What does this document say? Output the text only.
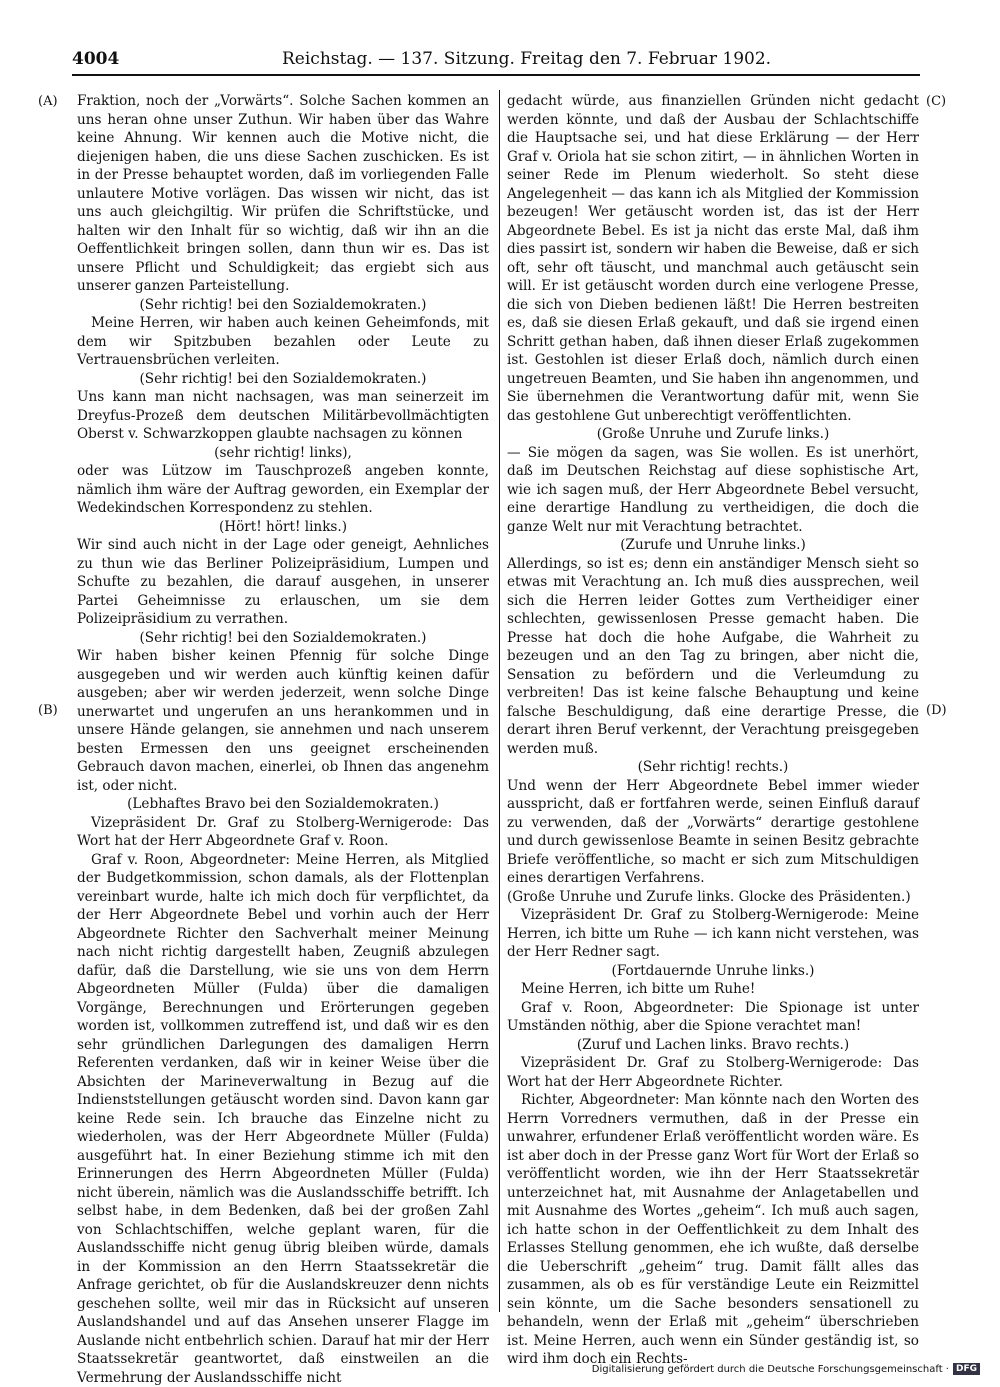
4004	Reichstag. — 137. Sitzung. Freitag den 7. Februar 1902.
(A)
(B)
(C)
(D)

Fraktion, noch der „Vorwärts“. Solche Sachen kommen an uns heran ohne unser Zuthun. Wir haben über das Wahre keine Ahnung. Wir kennen auch die Motive nicht, die diejenigen haben, die uns diese Sachen zuschicken. Es ist in der Presse behauptet worden, daß im vorliegenden Falle unlautere Motive vorlägen. Das wissen wir nicht, das ist uns auch gleichgiltig. Wir prüfen die Schriftstücke, und halten wir den Inhalt für so wichtig, daß wir ihn an die Oeffentlichkeit bringen sollen, dann thun wir es. Das ist unsere Pflicht und Schuldigkeit; das ergiebt sich aus unserer ganzen Parteistellung.

(Sehr richtig! bei den Sozialdemokraten.)

Meine Herren, wir haben auch keinen Geheimfonds, mit dem wir Spitzbuben bezahlen oder Leute zu Vertrauensbrüchen verleiten.

(Sehr richtig! bei den Sozialdemokraten.)

Uns kann man nicht nachsagen, was man seinerzeit im Dreyfus-Prozeß dem deutschen Militärbevollmächtigten Oberst v. Schwarzkoppen glaubte nachsagen zu können

(sehr richtig! links),

oder was Lützow im Tauschprozeß angeben konnte, nämlich ihm wäre der Auftrag geworden, ein Exemplar der Wedekindschen Korrespondenz zu stehlen.

(Hört! hört! links.)

Wir sind auch nicht in der Lage oder geneigt, Aehnliches zu thun wie das Berliner Polizeipräsidium, Lumpen und Schufte zu bezahlen, die darauf ausgehen, in unserer Partei Geheimnisse zu erlauschen, um sie dem Polizeipräsidium zu verrathen.

(Sehr richtig! bei den Sozialdemokraten.)

Wir haben bisher keinen Pfennig für solche Dinge ausgegeben und wir werden auch künftig keinen dafür ausgeben; aber wir werden jederzeit, wenn solche Dinge unerwartet und ungerufen an uns herankommen und in unsere Hände gelangen, sie annehmen und nach unserem besten Ermessen den uns geeignet erscheinenden Gebrauch davon machen, einerlei, ob Ihnen das angenehm ist, oder nicht.

(Lebhaftes Bravo bei den Sozialdemokraten.)

Vizepräsident Dr. Graf zu Stolberg-Wernigerode: Das Wort hat der Herr Abgeordnete Graf v. Roon.

Graf v. Roon, Abgeordneter: Meine Herren, als Mitglied der Budgetkommission, schon damals, als der Flottenplan vereinbart wurde, halte ich mich doch für verpflichtet, da der Herr Abgeordnete Bebel und vorhin auch der Herr Abgeordnete Richter den Sachverhalt meiner Meinung nach nicht richtig dargestellt haben, Zeugniß abzulegen dafür, daß die Darstellung, wie sie uns von dem Herrn Abgeordneten Müller (Fulda) über die damaligen Vorgänge, Berechnungen und Erörterungen gegeben worden ist, vollkommen zutreffend ist, und daß wir es den sehr gründlichen Darlegungen des damaligen Herrn Referenten verdanken, daß wir in keiner Weise über die Absichten der Marineverwaltung in Bezug auf die Indienststellungen getäuscht worden sind. Davon kann gar keine Rede sein. Ich brauche das Einzelne nicht zu wiederholen, was der Herr Abgeordnete Müller (Fulda) ausgeführt hat. In einer Beziehung stimme ich mit den Erinnerungen des Herrn Abgeordneten Müller (Fulda) nicht überein, nämlich was die Auslandsschiffe betrifft. Ich selbst habe, in dem Bedenken, daß bei der großen Zahl von Schlachtschiffen, welche geplant waren, für die Auslandsschiffe nicht genug übrig bleiben würde, damals in der Kommission an den Herrn Staatssekretär die Anfrage gerichtet, ob für die Auslandskreuzer denn nichts geschehen sollte, weil mir das in Rücksicht auf unseren Auslandshandel und auf das Ansehen unserer Flagge im Auslande nicht entbehrlich schien. Darauf hat mir der Herr Staatssekretär geantwortet, daß einstweilen an die Vermehrung der Auslandsschiffe nicht

gedacht würde, aus finanziellen Gründen nicht gedacht werden könnte, und daß der Ausbau der Schlachtschiffe die Hauptsache sei, und hat diese Erklärung — der Herr Graf v. Oriola hat sie schon zitirt, — in ähnlichen Worten in seiner Rede im Plenum wiederholt. So steht diese Angelegenheit — das kann ich als Mitglied der Kommission bezeugen! Wer getäuscht worden ist, das ist der Herr Abgeordnete Bebel. Es ist ja nicht das erste Mal, daß ihm dies passirt ist, sondern wir haben die Beweise, daß er sich oft, sehr oft täuscht, und manchmal auch getäuscht sein will. Er ist getäuscht worden durch eine verlogene Presse, die sich von Dieben bedienen läßt! Die Herren bestreiten es, daß sie diesen Erlaß gekauft, und daß sie irgend einen Schritt gethan haben, daß ihnen dieser Erlaß zugekommen ist. Gestohlen ist dieser Erlaß doch, nämlich durch einen ungetreuen Beamten, und Sie haben ihn angenommen, und Sie übernehmen die Verantwortung dafür mit, wenn Sie das gestohlene Gut unberechtigt veröffentlichten.

(Große Unruhe und Zurufe links.)

— Sie mögen da sagen, was Sie wollen. Es ist unerhört, daß im Deutschen Reichstag auf diese sophistische Art, wie ich sagen muß, der Herr Abgeordnete Bebel versucht, eine derartige Handlung zu vertheidigen, die doch die ganze Welt nur mit Verachtung betrachtet.

(Zurufe und Unruhe links.)

Allerdings, so ist es; denn ein anständiger Mensch sieht so etwas mit Verachtung an. Ich muß dies aussprechen, weil sich die Herren leider Gottes zum Vertheidiger einer schlechten, gewissenlosen Presse gemacht haben. Die Presse hat doch die hohe Aufgabe, die Wahrheit zu bezeugen und an den Tag zu bringen, aber nicht die, Sensation zu befördern und die Verleumdung zu verbreiten! Das ist keine falsche Behauptung und keine falsche Beschuldigung, daß eine derartige Presse, die derart ihren Beruf verkennt, der Verachtung preisgegeben werden muß.

(Sehr richtig! rechts.)

Und wenn der Herr Abgeordnete Bebel immer wieder ausspricht, daß er fortfahren werde, seinen Einfluß darauf zu verwenden, daß der „Vorwärts“ derartige gestohlene und durch gewissenlose Beamte in seinen Besitz gebrachte Briefe veröffentliche, so macht er sich zum Mitschuldigen eines derartigen Verfahrens.

(Große Unruhe und Zurufe links. Glocke des Präsidenten.)

Vizepräsident Dr. Graf zu Stolberg-Wernigerode: Meine Herren, ich bitte um Ruhe — ich kann nicht verstehen, was der Herr Redner sagt.

(Fortdauernde Unruhe links.)

Meine Herren, ich bitte um Ruhe!

Graf v. Roon, Abgeordneter: Die Spionage ist unter Umständen nöthig, aber die Spione verachtet man!

(Zuruf und Lachen links. Bravo rechts.)

Vizepräsident Dr. Graf zu Stolberg-Wernigerode: Das Wort hat der Herr Abgeordnete Richter.

Richter, Abgeordneter: Man könnte nach den Worten des Herrn Vorredners vermuthen, daß in der Presse ein unwahrer, erfundener Erlaß veröffentlicht worden wäre. Es ist aber doch in der Presse ganz Wort für Wort der Erlaß so veröffentlicht worden, wie ihn der Herr Staatssekretär unterzeichnet hat, mit Ausnahme der Anlagetabellen und mit Ausnahme des Wortes „geheim“. Ich muß auch sagen, ich hatte schon in der Oeffentlichkeit zu dem Inhalt des Erlasses Stellung genommen, ehe ich wußte, daß derselbe die Ueberschrift „geheim“ trug. Damit fällt alles das zusammen, als ob es für verständige Leute ein Reizmittel sein könnte, um die Sache besonders sensationell zu behandeln, wenn der Erlaß mit „geheim“ überschrieben ist. Meine Herren, auch wenn ein Sünder geständig ist, so wird ihm doch ein Rechts-

Digitalisierung gefördert durch die Deutsche Forschungsgemeinschaft · DFG
